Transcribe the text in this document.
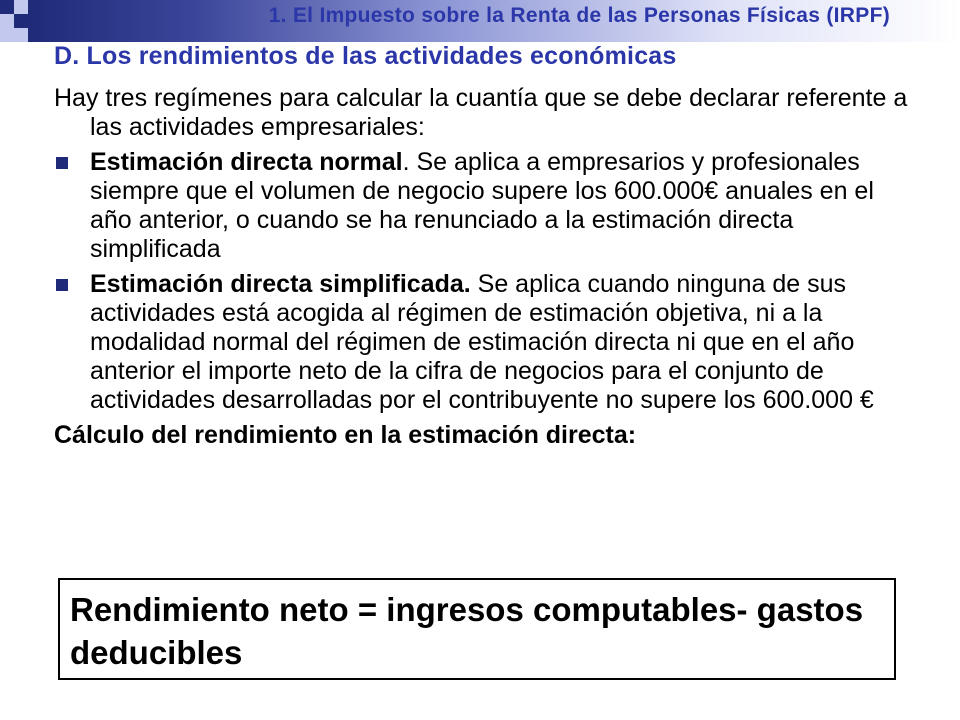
1. El Impuesto sobre la Renta de las Personas Físicas (IRPF)
D. Los rendimientos de las actividades económicas

Hay tres regímenes para calcular la cuantía que se debe declarar referente a las actividades empresariales:

Estimación directa normal. Se aplica a empresarios y profesionales siempre que el volumen de negocio supere los 600.000€ anuales en el año anterior, o cuando se ha renunciado a la estimación directa simplificada
Estimación directa simplificada. Se aplica cuando ninguna de sus actividades está acogida al régimen de estimación objetiva, ni a la modalidad normal del régimen de estimación directa ni que en el año anterior el importe neto de la cifra de negocios para el conjunto de actividades desarrolladas por el contribuyente no supere los 600.000 €
Cálculo del rendimiento en la estimación directa:
Rendimiento neto = ingresos computables- gastos deducibles
